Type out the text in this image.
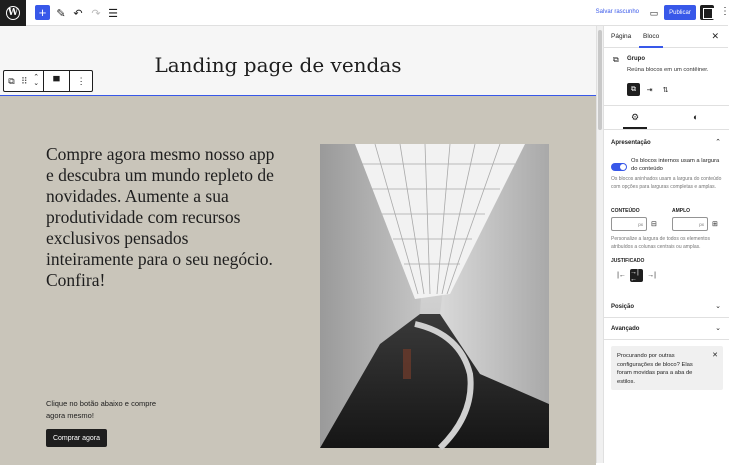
W + ✎ ↶ ↷ ☰	Salvar rascunho ▭	Publicar	⋮
Landing page de vendas
⧉ ⠿ ⌃
⌄	▀	⋮
Compre agora mesmo nosso app e descubra um mundo repleto de novidades. Aumente a sua produtividade com recursos exclusivos pensados inteiramente para o seu negócio. Confira!
Clique no botão abaixo e compre agora mesmo!
Comprar agora
Página Bloco	✕
⧉ Grupo
Reúna blocos em um contêiner.
⧉	⇥	⇅
⚙	◐
Apresentação	⌃
Os blocos internos usam a largura do conteúdo
Os blocos aninhados usam a largura do conteúdo com opções para larguras completas e amplas.
CONTEÚDO	AMPLO
px	⊟	px	⊞
Personalize a largura de todos os elementos atribuídos a colunas centrais ou amplas.
JUSTIFICADO
|← →|←	→|
Posição	⌄
Avançado	⌄
Procurando por outras configurações de bloco? Elas foram movidas para a aba de estilos.
✕
